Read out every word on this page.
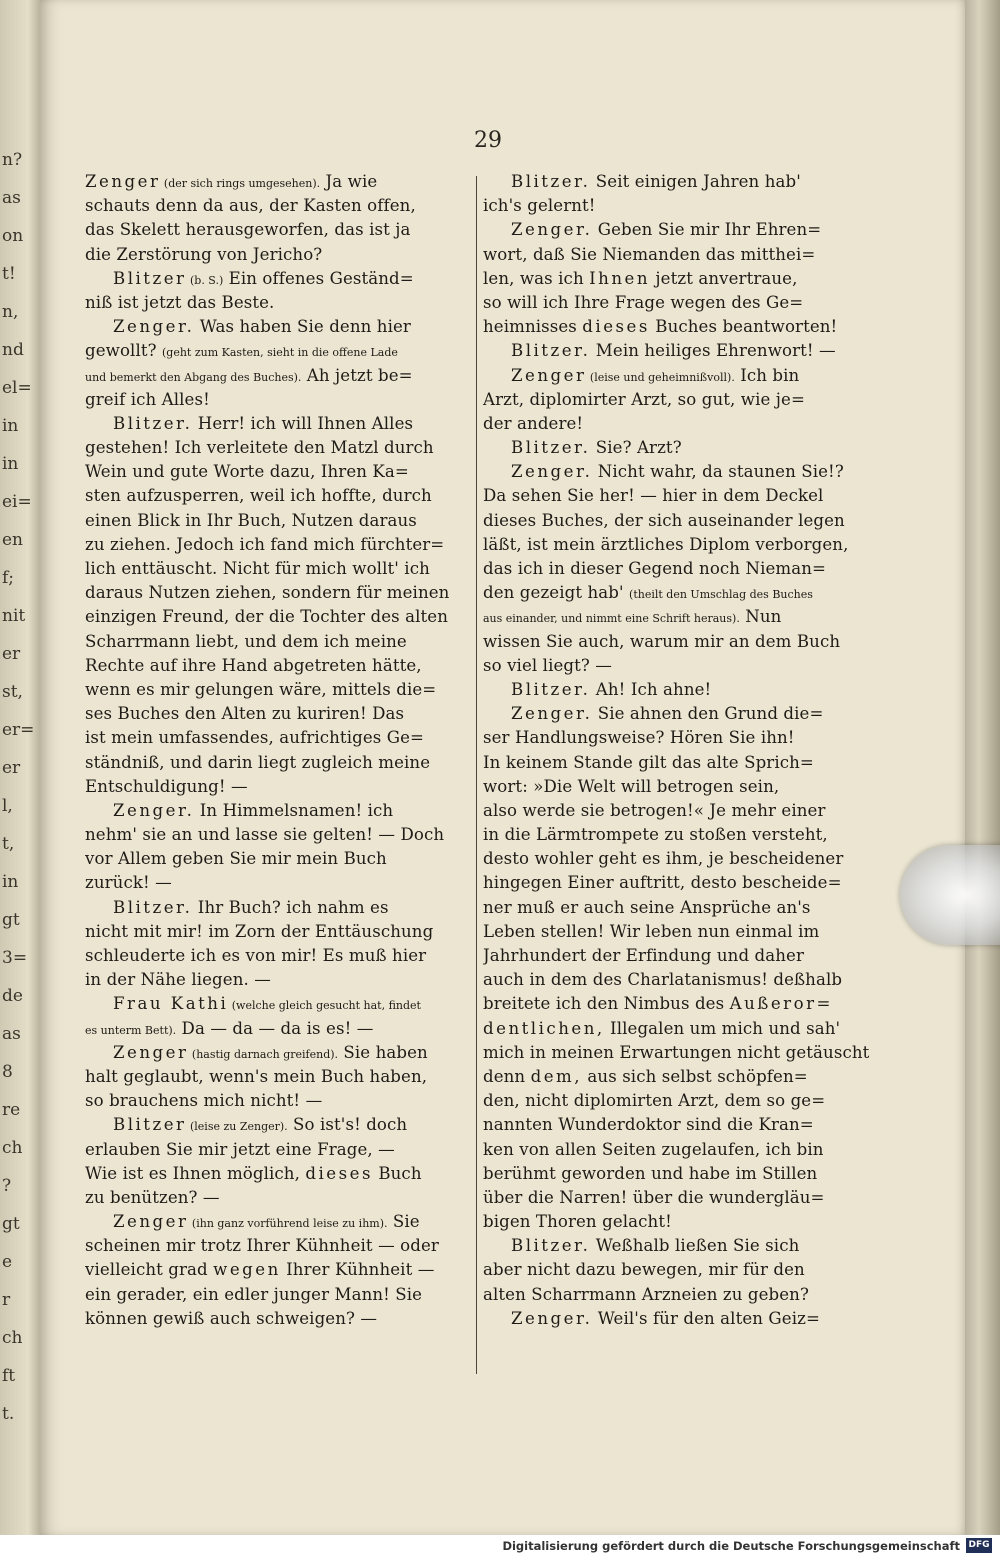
n?
as
on
t!
n,
nd
el=
in
in
ei=
en
f;
nit
er
st,
er=
er
l,
t,
in
gt
3=
de
as
8
re
ch
?
gt
e
r
ch
ft
t.
29
Zenger (der sich rings umgesehen). Ja wie
schauts denn da aus, der Kasten offen,
das Skelett herausgeworfen, das ist ja
die Zerstörung von Jericho?
Blitzer (b. S.) Ein offenes Geständ=
niß ist jetzt das Beste.
Zenger. Was haben Sie denn hier
gewollt? (geht zum Kasten, sieht in die offene Lade
und bemerkt den Abgang des Buches). Ah jetzt be=
greif ich Alles!
Blitzer. Herr! ich will Ihnen Alles
gestehen! Ich verleitete den Matzl durch
Wein und gute Worte dazu, Ihren Ka=
sten aufzusperren, weil ich hoffte, durch
einen Blick in Ihr Buch, Nutzen daraus
zu ziehen. Jedoch ich fand mich fürchter=
lich enttäuscht. Nicht für mich wollt' ich
daraus Nutzen ziehen, sondern für meinen
einzigen Freund, der die Tochter des alten
Scharrmann liebt, und dem ich meine
Rechte auf ihre Hand abgetreten hätte,
wenn es mir gelungen wäre, mittels die=
ses Buches den Alten zu kuriren! Das
ist mein umfassendes, aufrichtiges Ge=
ständniß, und darin liegt zugleich meine
Entschuldigung! —
Zenger. In Himmelsnamen! ich
nehm' sie an und lasse sie gelten! — Doch
vor Allem geben Sie mir mein Buch
zurück! —
Blitzer. Ihr Buch? ich nahm es
nicht mit mir! im Zorn der Enttäuschung
schleuderte ich es von mir! Es muß hier
in der Nähe liegen. —
Frau Kathi (welche gleich gesucht hat, findet
es unterm Bett). Da — da — da is es! —
Zenger (hastig darnach greifend). Sie haben
halt geglaubt, wenn's mein Buch haben,
so brauchens mich nicht! —
Blitzer (leise zu Zenger). So ist's! doch
erlauben Sie mir jetzt eine Frage, —
Wie ist es Ihnen möglich, dieses Buch
zu benützen? —
Zenger (ihn ganz vorführend leise zu ihm). Sie
scheinen mir trotz Ihrer Kühnheit — oder
vielleicht grad wegen Ihrer Kühnheit —
ein gerader, ein edler junger Mann! Sie
können gewiß auch schweigen? —
Blitzer. Seit einigen Jahren hab'
ich's gelernt!
Zenger. Geben Sie mir Ihr Ehren=
wort, daß Sie Niemanden das mitthei=
len, was ich Ihnen jetzt anvertraue,
so will ich Ihre Frage wegen des Ge=
heimnisses dieses Buches beantworten!
Blitzer. Mein heiliges Ehrenwort! —
Zenger (leise und geheimnißvoll). Ich bin
Arzt, diplomirter Arzt, so gut, wie je=
der andere!
Blitzer. Sie? Arzt?
Zenger. Nicht wahr, da staunen Sie!?
Da sehen Sie her! — hier in dem Deckel
dieses Buches, der sich auseinander legen
läßt, ist mein ärztliches Diplom verborgen,
das ich in dieser Gegend noch Nieman=
den gezeigt hab' (theilt den Umschlag des Buches
aus einander, und nimmt eine Schrift heraus). Nun
wissen Sie auch, warum mir an dem Buch
so viel liegt? —
Blitzer. Ah! Ich ahne!
Zenger. Sie ahnen den Grund die=
ser Handlungsweise? Hören Sie ihn!
In keinem Stande gilt das alte Sprich=
wort: »Die Welt will betrogen sein,
also werde sie betrogen!« Je mehr einer
in die Lärmtrompete zu stoßen versteht,
desto wohler geht es ihm, je bescheidener
hingegen Einer auftritt, desto bescheide=
ner muß er auch seine Ansprüche an's
Leben stellen! Wir leben nun einmal im
Jahrhundert der Erfindung und daher
auch in dem des Charlatanismus! deßhalb
breitete ich den Nimbus des Außeror=
dentlichen, Illegalen um mich und sah'
mich in meinen Erwartungen nicht getäuscht
denn dem, aus sich selbst schöpfen=
den, nicht diplomirten Arzt, dem so ge=
nannten Wunderdoktor sind die Kran=
ken von allen Seiten zugelaufen, ich bin
berühmt geworden und habe im Stillen
über die Narren! über die wundergläu=
bigen Thoren gelacht!
Blitzer. Weßhalb ließen Sie sich
aber nicht dazu bewegen, mir für den
alten Scharrmann Arzneien zu geben?
Zenger. Weil's für den alten Geiz=
Digitalisierung gefördert durch die Deutsche Forschungsgemeinschaft DFG
